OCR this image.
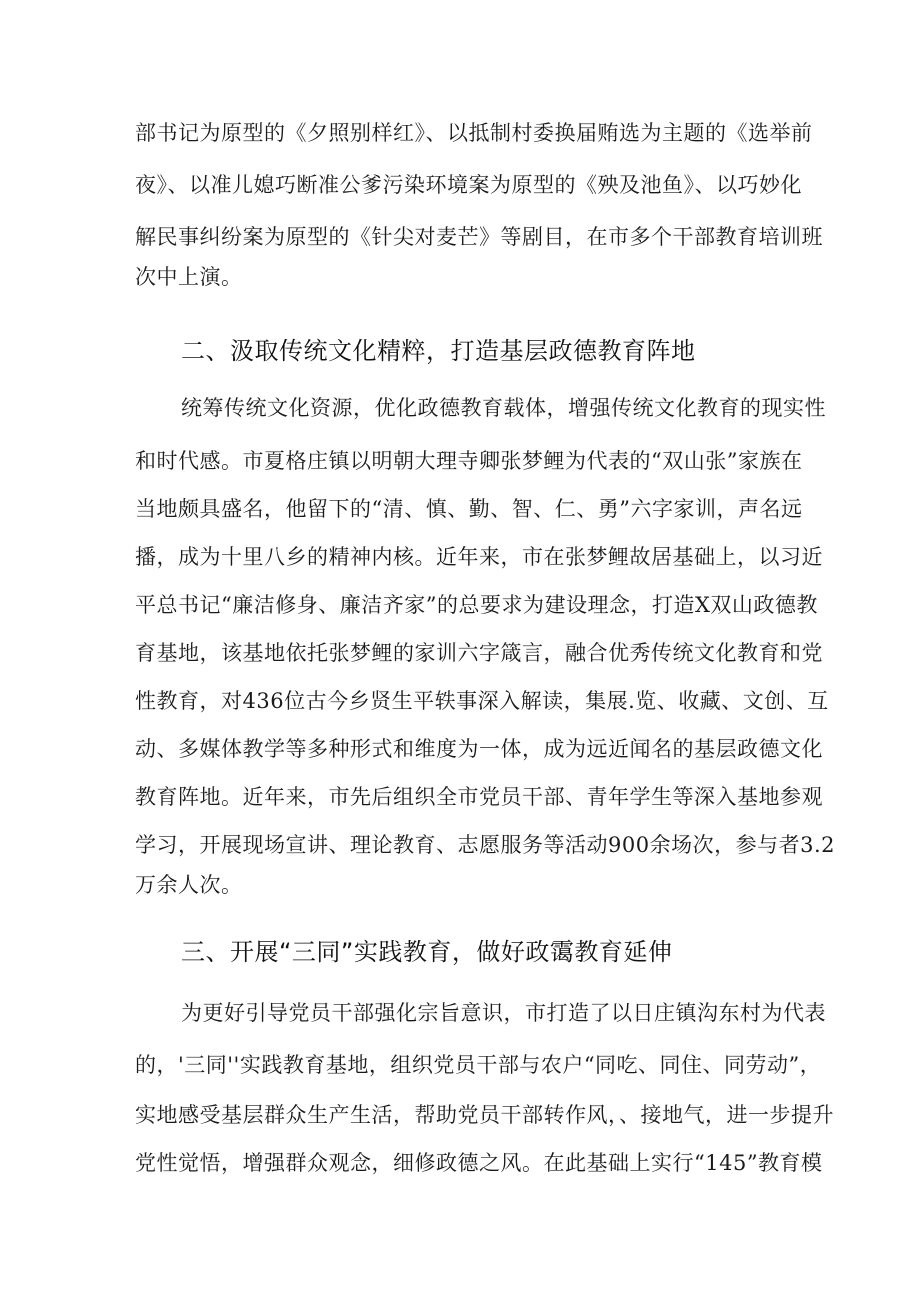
部书记为原型的《夕照别样红》、以抵制村委换届贿选为主题的《选举前
夜》、以准儿媳巧断准公爹污染环境案为原型的《殃及池鱼》、以巧妙化
解民事纠纷案为原型的《针尖对麦芒》等剧目，在市多个干部教育培训班
次中上演。
二、汲取传统文化精粹，打造基层政德教育阵地
统筹传统文化资源，优化政德教育载体，增强传统文化教育的现实性
和时代感。市夏格庄镇以明朝大理寺卿张梦鲤为代表的“双山张”家族在
当地颇具盛名，他留下的“清、慎、勤、智、仁、勇”六字家训，声名远
播，成为十里八乡的精神内核。近年来，市在张梦鲤故居基础上，以习近
平总书记“廉洁修身、廉洁齐家”的总要求为建设理念，打造X双山政德教
育基地，该基地依托张梦鲤的家训六字箴言，融合优秀传统文化教育和党
性教育，对436位古今乡贤生平轶事深入解读，集展.览、收藏、文创、互
动、多媒体教学等多种形式和维度为一体，成为远近闻名的基层政德文化
教育阵地。近年来，市先后组织全市党员干部、青年学生等深入基地参观
学习，开展现场宣讲、理论教育、志愿服务等活动900余场次，参与者3.2
万余人次。
三、开展“三同”实践教育，做好政霭教育延伸
为更好引导党员干部强化宗旨意识，市打造了以日庄镇沟东村为代表
的，'三同''实践教育基地，组织党员干部与农户“同吃、同住、同劳动”，
实地感受基层群众生产生活，帮助党员干部转作风，、接地气，进一步提升
党性觉悟，增强群众观念，细修政德之风。在此基础上实行“145”教育模
